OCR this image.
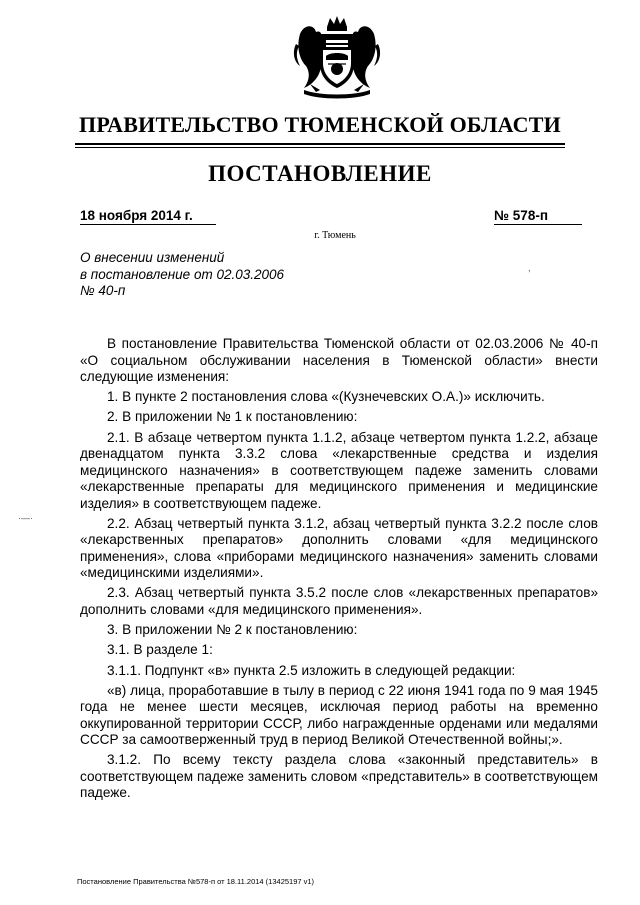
ПРАВИТЕЛЬСТВО ТЮМЕНСКОЙ ОБЛАСТИ
ПОСТАНОВЛЕНИЕ
18 ноября 2014 г.	№ 578-п
г. Тюмень
О внесении изменений
в постановление от 02.03.2006
№ 40-п

В постановление Правительства Тюменской области от 02.03.2006 № 40-п «О социальном обслуживании населения в Тюменской области» внести следующие изменения:

1. В пункте 2 постановления слова «(Кузнечевских О.А.)» исключить.

2. В приложении № 1 к постановлению:

2.1. В абзаце четвертом пункта 1.1.2, абзаце четвертом пункта 1.2.2, абзаце двенадцатом пункта 3.3.2 слова «лекарственные средства и изделия медицинского назначения» в соответствующем падеже заменить словами «лекарственные препараты для медицинского применения и медицинские изделия» в соответствующем падеже.

2.2. Абзац четвертый пункта 3.1.2, абзац четвертый пункта 3.2.2 после слов «лекарственных препаратов» дополнить словами «для медицинского применения», слова «приборами медицинского назначения» заменить словами «медицинскими изделиями».

2.3. Абзац четвертый пункта 3.5.2 после слов «лекарственных препаратов» дополнить словами «для медицинского применения».

3. В приложении № 2 к постановлению:

3.1. В разделе 1:

3.1.1. Подпункт «в» пункта 2.5 изложить в следующей редакции:

«в) лица, проработавшие в тылу в период с 22 июня 1941 года по 9 мая 1945 года не менее шести месяцев, исключая период работы на временно оккупированной территории СССР, либо награжденные орденами или медалями СССР за самоотверженный труд в период Великой Отечественной войны;».

3.1.2. По всему тексту раздела слова «законный представитель» в соответствующем падеже заменить словом «представитель» в соответствующем падеже.

Постановление Правительства №578-п от 18.11.2014 (13425197 v1)
·—·
,
